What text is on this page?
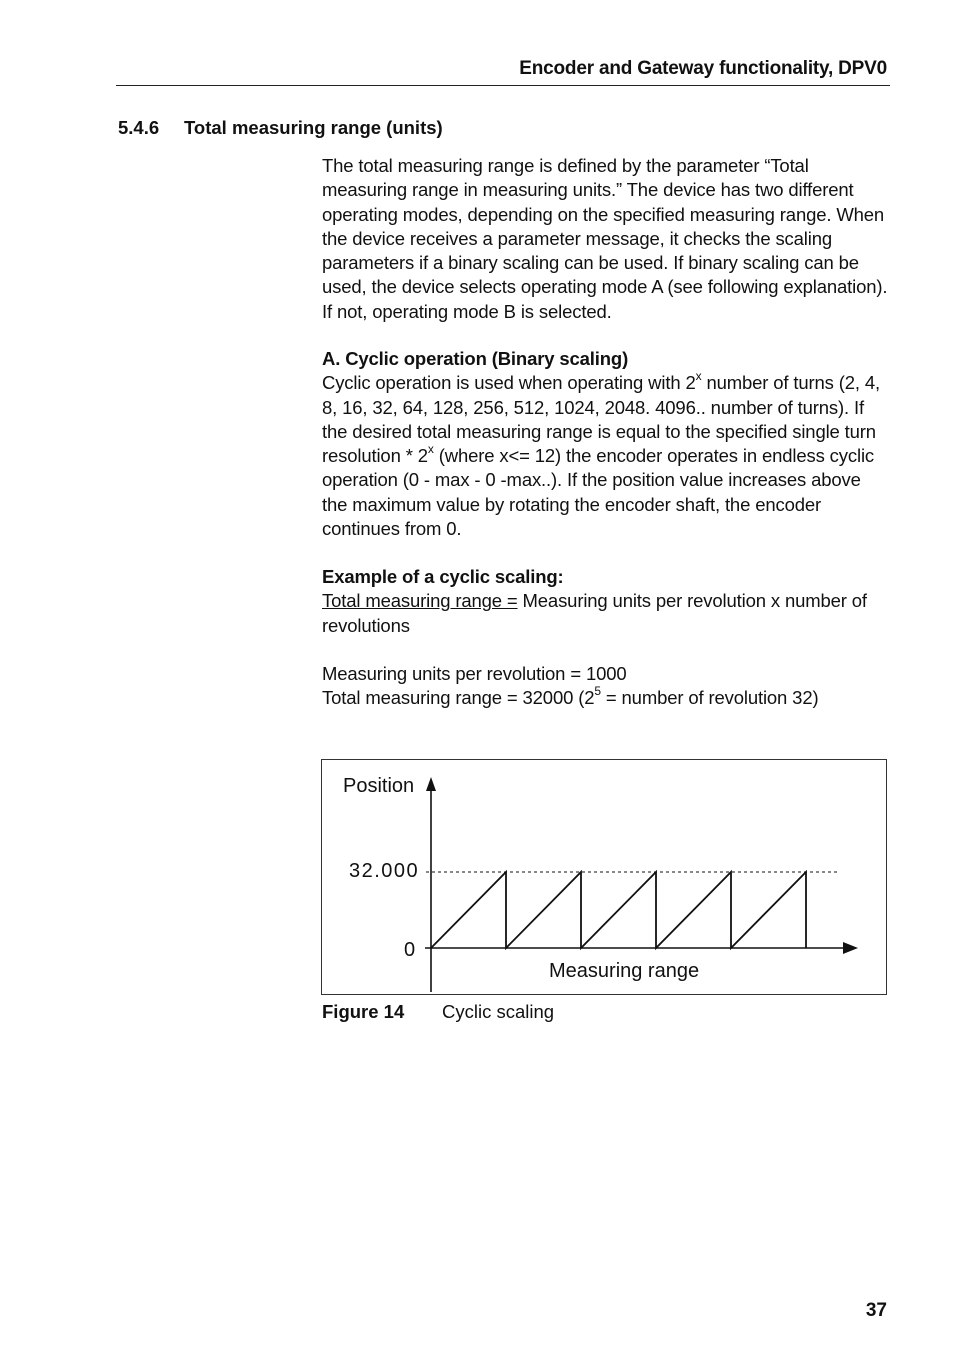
Encoder and Gateway functionality, DPV0
5.4.6 Total measuring range (units)

The total measuring range is defined by the parameter “Total measuring range in measuring units.” The device has two different operating modes, depending on the specified measuring range. When the device receives a parameter message, it checks the scaling parameters if a binary scaling can be used. If binary scaling can be used, the device selects operating mode A (see following explanation). If not, operating mode B is selected.

A. Cyclic operation (Binary scaling)

Cyclic operation is used when operating with 2$^x$ number of turns (2, 4, 8, 16, 32, 64, 128, 256, 512, 1024, 2048. 4096.. number of turns). If the desired total measuring range is equal to the specified single turn resolution * 2$^x$ (where x<= 12) the encoder operates in endless cyclic operation (0 - max - 0 -max..). If the position value increases above the maximum value by rotating the encoder shaft, the encoder continues from 0.

Example of a cyclic scaling:

Total measuring range = Measuring units per revolution x number of revolutions

Measuring units per revolution = 1000

Total measuring range = 32000 ($2^5$ = number of revolution 32)

Position
32.000
0
Measuring range
Figure 14 Cyclic scaling
37
